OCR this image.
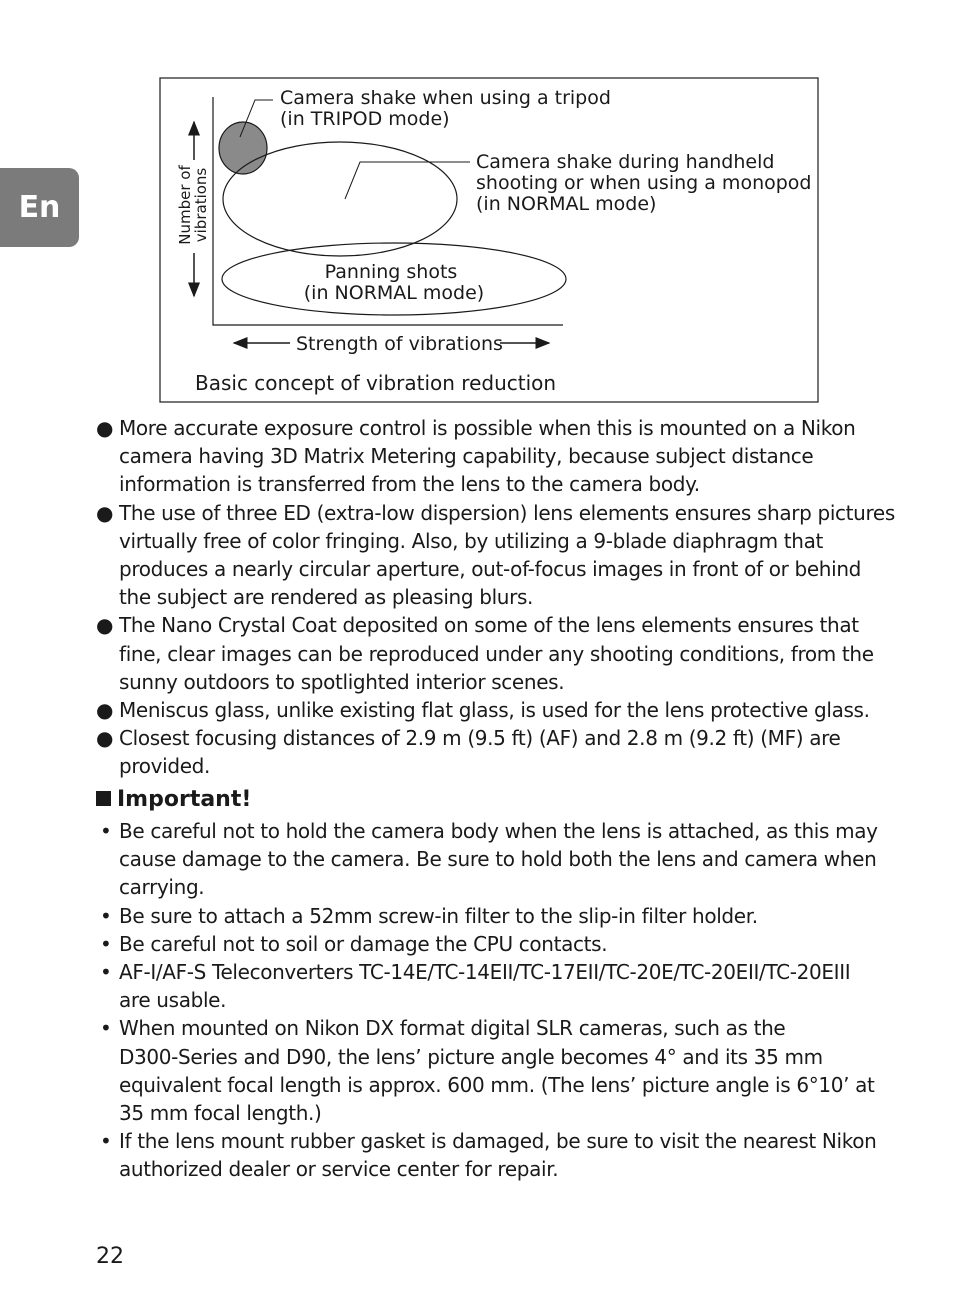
En	Number of
vibrations
Strength of vibrations
Camera shake when using a tripod
(in TRIPOD mode)
Camera shake during handheld
shooting or when using a monopod
(in NORMAL mode)
Panning shots
(in NORMAL mode)
Basic concept of vibration reduction
● More accurate exposure control is possible when this is mounted on a Nikon
camera having 3D Matrix Metering capability, because subject distance
information is transferred from the lens to the camera body.
● The use of three ED (extra-low dispersion) lens elements ensures sharp pictures
virtually free of color fringing. Also, by utilizing a 9-blade diaphragm that
produces a nearly circular aperture, out-of-focus images in front of or behind
the subject are rendered as pleasing blurs.
● The Nano Crystal Coat deposited on some of the lens elements ensures that
fine, clear images can be reproduced under any shooting conditions, from the
sunny outdoors to spotlighted interior scenes.
● Meniscus glass, unlike existing flat glass, is used for the lens protective glass.
● Closest focusing distances of 2.9 m (9.5 ft) (AF) and 2.8 m (9.2 ft) (MF) are
provided.
Important!
• Be careful not to hold the camera body when the lens is attached, as this may
cause damage to the camera. Be sure to hold both the lens and camera when
carrying.
• Be sure to attach a 52mm screw-in filter to the slip-in filter holder.
• Be careful not to soil or damage the CPU contacts.
• AF-I/AF-S Teleconverters TC-14E/TC-14EII/TC-17EII/TC-20E/TC-20EII/TC-20EIII
are usable.
• When mounted on Nikon DX format digital SLR cameras, such as the
D300-Series and D90, the lens’ picture angle becomes 4° and its 35 mm
equivalent focal length is approx. 600 mm. (The lens’ picture angle is 6°10’ at
35 mm focal length.)
• If the lens mount rubber gasket is damaged, be sure to visit the nearest Nikon
authorized dealer or service center for repair.
22
